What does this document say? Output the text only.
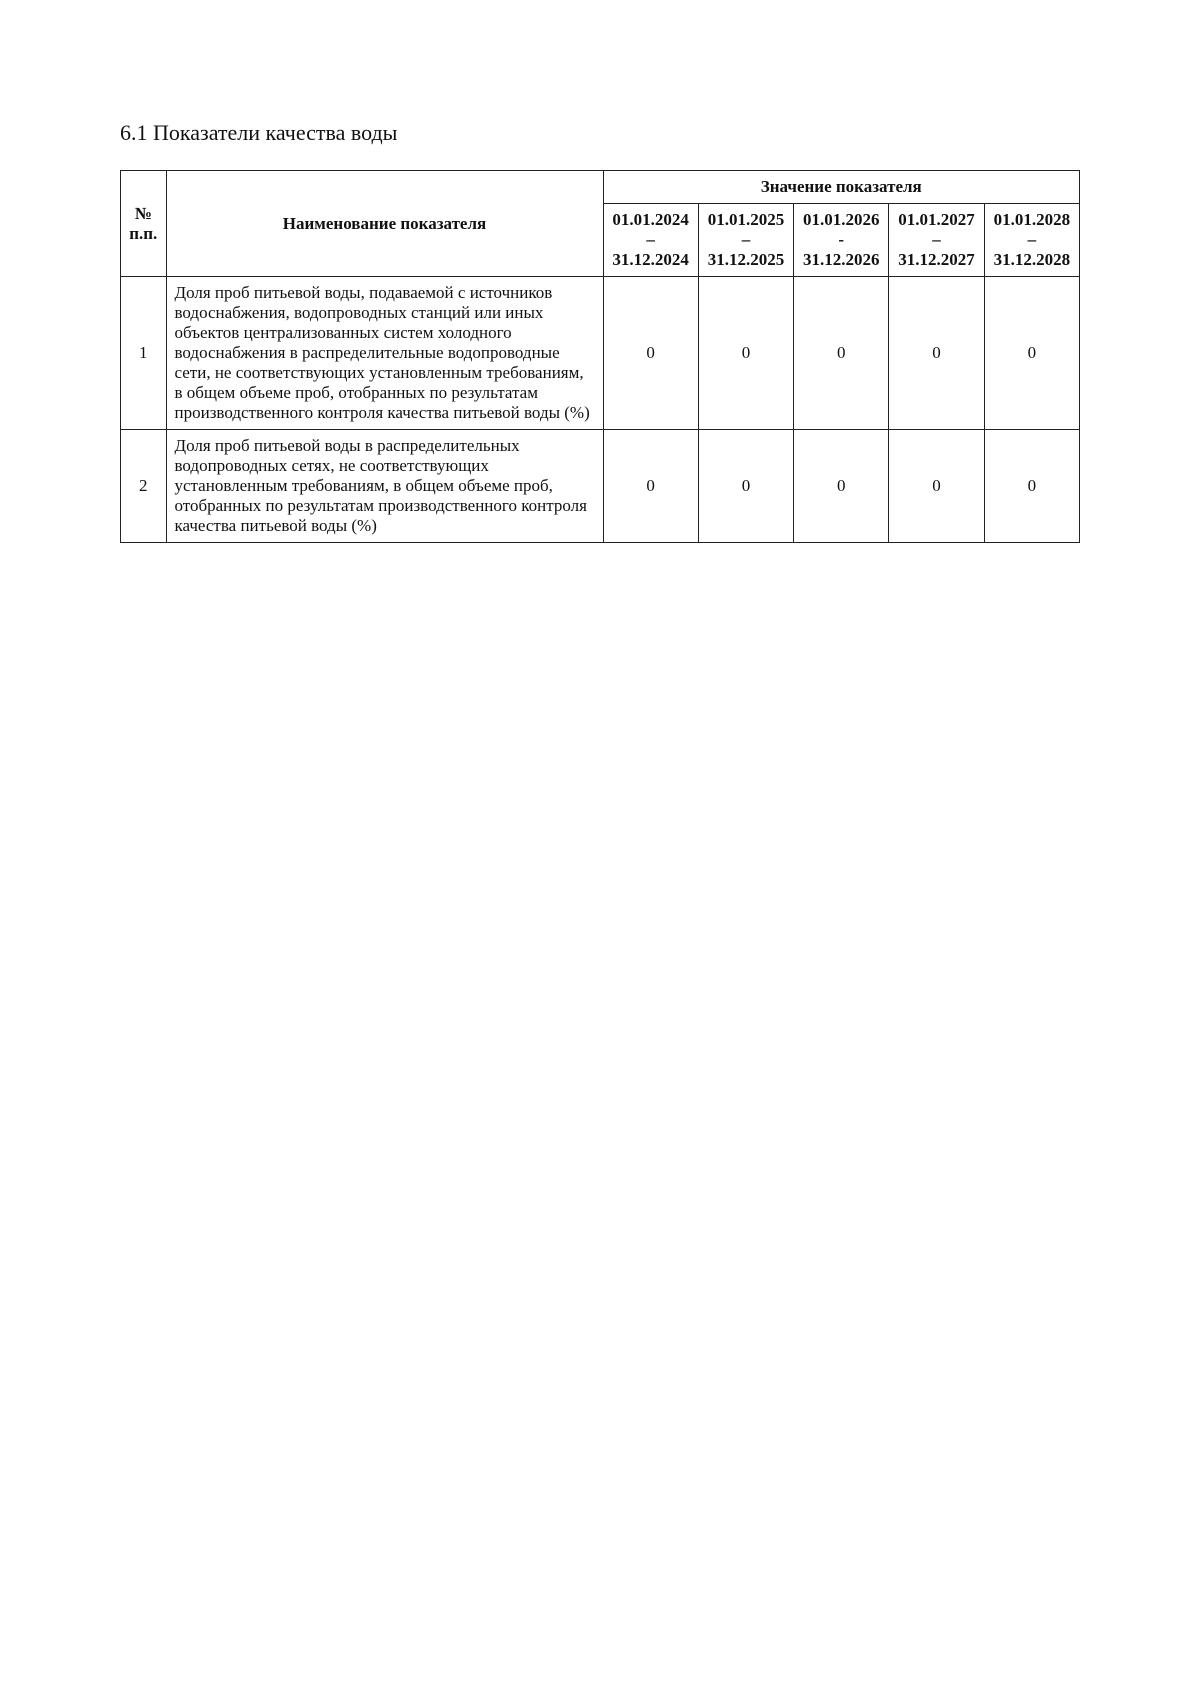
6.1 Показатели качества воды
№ п.п.	Наименование показателя	Значение показателя				
		01.01.2024 – 31.12.2024	01.01.2025 – 31.12.2025	01.01.2026 - 31.12.2026	01.01.2027 – 31.12.2027	01.01.2028 – 31.12.2028
1	Доля проб питьевой воды, подаваемой с источников водоснабжения, водопроводных станций или иных объектов централизованных систем холодного водоснабжения в распределительные водопроводные сети, не соответствующих установленным требованиям, в общем объеме проб, отобранных по результатам производственного контроля качества питьевой воды (%)	0	0	0	0	0
2	Доля проб питьевой воды в распределительных водопроводных сетях, не соответствующих установленным требованиям, в общем объеме проб, отобранных по результатам производственного контроля качества питьевой воды (%)	0	0	0	0	0
